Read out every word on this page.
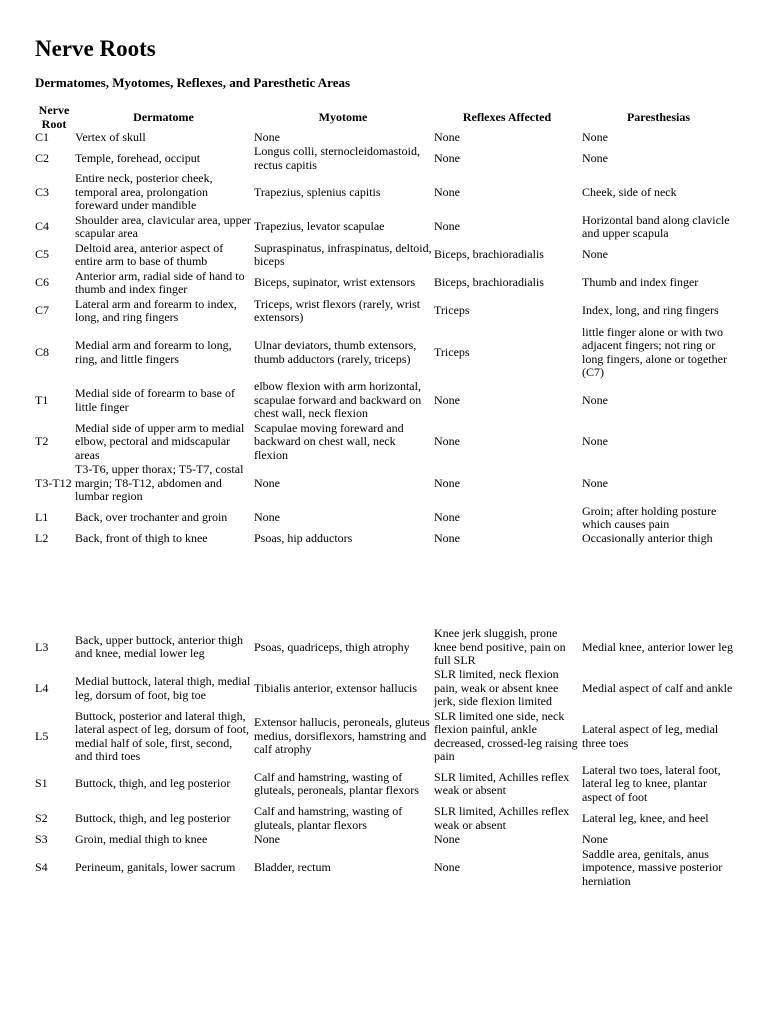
Nerve Roots
Dermatomes, Myotomes, Reflexes, and Paresthetic Areas
Nerve Root	Dermatome	Myotome	Reflexes Affected	Paresthesias
C1	Vertex of skull	None	None	None
C2	Temple, forehead, occiput	Longus colli, sternocleidomastoid, rectus capitis	None	None
C3	Entire neck, posterior cheek, temporal area, prolongation foreward under mandible	Trapezius, splenius capitis	None	Cheek, side of neck
C4	Shoulder area, clavicular area, upper scapular area	Trapezius, levator scapulae	None	Horizontal band along clavicle and upper scapula
C5	Deltoid area, anterior aspect of entire arm to base of thumb	Supraspinatus, infraspinatus, deltoid, biceps	Biceps, brachioradialis	None
C6	Anterior arm, radial side of hand to thumb and index finger	Biceps, supinator, wrist extensors	Biceps, brachioradialis	Thumb and index finger
C7	Lateral arm and forearm to index, long, and ring fingers	Triceps, wrist flexors (rarely, wrist extensors)	Triceps	Index, long, and ring fingers
C8	Medial arm and forearm to long, ring, and little fingers	Ulnar deviators, thumb extensors, thumb adductors (rarely, triceps)	Triceps	little finger alone or with two adjacent fingers; not ring or long fingers, alone or together (C7)
T1	Medial side of forearm to base of little finger	elbow flexion with arm horizontal, scapulae forward and backward on chest wall, neck flexion	None	None
T2	Medial side of upper arm to medial elbow, pectoral and midscapular areas	Scapulae moving foreward and backward on chest wall, neck flexion	None	None
T3-T12	T3-T6, upper thorax; T5-T7, costal margin; T8-T12, abdomen and lumbar region	None	None	None
L1	Back, over trochanter and groin	None	None	Groin; after holding posture which causes pain
L2	Back, front of thigh to knee	Psoas, hip adductors	None	Occasionally anterior thigh
L3	Back, upper buttock, anterior thigh and knee, medial lower leg	Psoas, quadriceps, thigh atrophy	Knee jerk sluggish, prone knee bend positive, pain on full SLR	Medial knee, anterior lower leg
L4	Medial buttock, lateral thigh, medial leg, dorsum of foot, big toe	Tibialis anterior, extensor hallucis	SLR limited, neck flexion pain, weak or absent knee jerk, side flexion limited	Medial aspect of calf and ankle
L5	Buttock, posterior and lateral thigh, lateral aspect of leg, dorsum of foot, medial half of sole, first, second, and third toes	Extensor hallucis, peroneals, gluteus medius, dorsiflexors, hamstring and calf atrophy	SLR limited one side, neck flexion painful, ankle decreased, crossed-leg raising pain	Lateral aspect of leg, medial three toes
S1	Buttock, thigh, and leg posterior	Calf and hamstring, wasting of gluteals, peroneals, plantar flexors	SLR limited, Achilles reflex weak or absent	Lateral two toes, lateral foot, lateral leg to knee, plantar aspect of foot
S2	Buttock, thigh, and leg posterior	Calf and hamstring, wasting of gluteals, plantar flexors	SLR limited, Achilles reflex weak or absent	Lateral leg, knee, and heel
S3	Groin, medial thigh to knee	None	None	None
S4	Perineum, ganitals, lower sacrum	Bladder, rectum	None	Saddle area, genitals, anus impotence, massive posterior herniation
